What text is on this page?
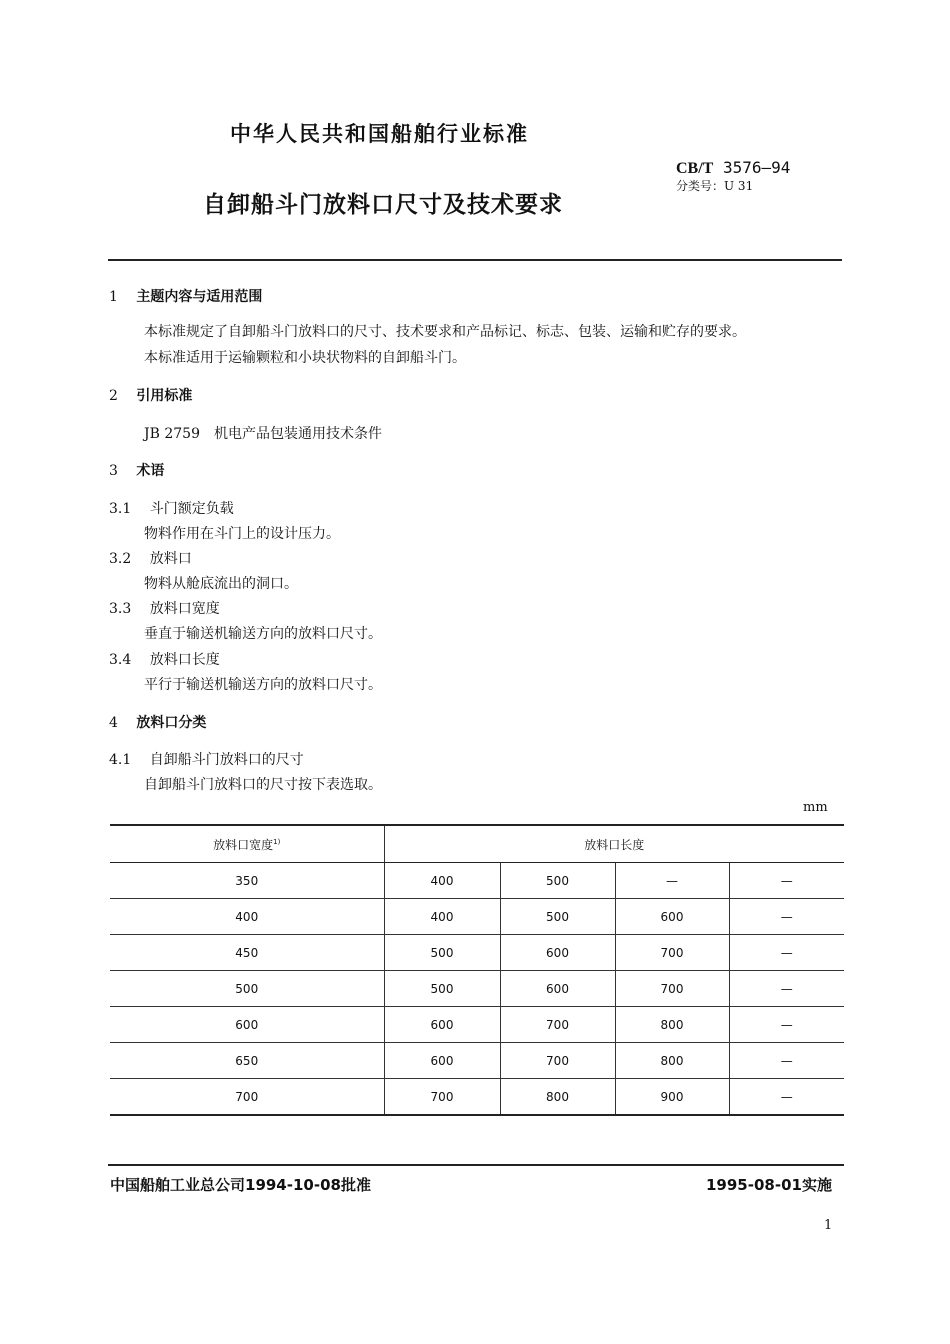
中华人民共和国船舶行业标准
自卸船斗门放料口尺寸及技术要求
CB/T 3576—94
分类号：U 31
1 主题内容与适用范围
本标准规定了自卸船斗门放料口的尺寸、技术要求和产品标记、标志、包装、运输和贮存的要求。
本标准适用于运输颗粒和小块状物料的自卸船斗门。
2 引用标准
JB 2759　机电产品包装通用技术条件
3 术语
3.1 斗门额定负载
物料作用在斗门上的设计压力。
3.2 放料口
物料从舱底流出的洞口。
3.3 放料口宽度
垂直于输送机输送方向的放料口尺寸。
3.4 放料口长度
平行于输送机输送方向的放料口尺寸。
4 放料口分类
4.1 自卸船斗门放料口的尺寸
自卸船斗门放料口的尺寸按下表选取。
mm
放料口宽度$^{1)}$	放料口长度			
350	400	500	—	—
400	400	500	600	—
450	500	600	700	—
500	500	600	700	—
600	600	700	800	—
650	600	700	800	—
700	700	800	900	—
中国船舶工业总公司1994-10-08批准	1995-08-01实施
1
